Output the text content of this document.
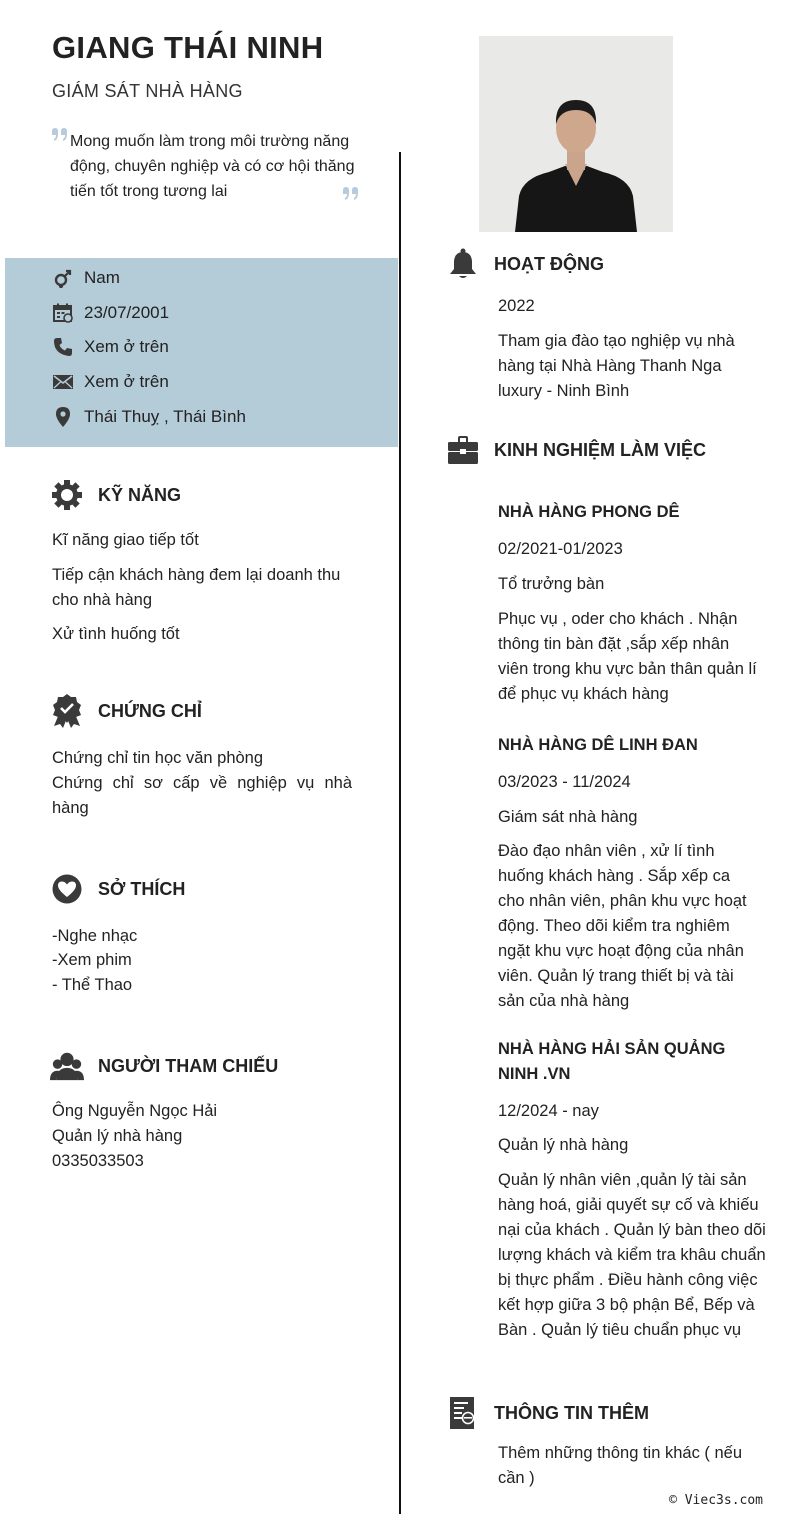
GIANG THÁI NINH
GIÁM SÁT NHÀ HÀNG
Mong muốn làm trong môi trường năng động, chuyên nghiệp và có cơ hội thăng tiến tốt trong tương lai
Nam
23/07/2001
Xem ở trên
Xem ở trên
Thái Thuỵ , Thái Bình
KỸ NĂNG
Kĩ năng giao tiếp tốt
Tiếp cận khách hàng đem lại doanh thu cho nhà hàng
Xử tình huống tốt
CHỨNG CHỈ
Chứng chỉ tin học văn phòng
Chứng chỉ sơ cấp về nghiệp vụ nhà hàng
SỞ THÍCH
-Nghe nhạc
-Xem phim
- Thể Thao
NGƯỜI THAM CHIẾU
Ông Nguyễn Ngọc Hải
Quản lý nhà hàng
0335033503
HOẠT ĐỘNG
2022
Tham gia đào tạo nghiệp vụ nhà hàng tại Nhà Hàng Thanh Nga luxury - Ninh Bình
KINH NGHIỆM LÀM VIỆC
NHÀ HÀNG PHONG DÊ
02/2021-01/2023
Tổ trưởng bàn
Phục vụ , oder cho khách . Nhận thông tin bàn đặt ,sắp xếp nhân viên trong khu vực bản thân quản lí để phục vụ khách hàng
NHÀ HÀNG DÊ LINH ĐAN
03/2023 - 11/2024
Giám sát nhà hàng
Đào đạo nhân viên , xử lí tình huống khách hàng . Sắp xếp ca cho nhân viên, phân khu vực hoạt động. Theo dõi kiểm tra nghiêm ngặt khu vực hoạt động của nhân viên. Quản lý trang thiết bị và tài sản của nhà hàng
NHÀ HÀNG HẢI SẢN QUẢNG NINH .VN
12/2024 - nay
Quản lý nhà hàng
Quản lý nhân viên ,quản lý tài sản hàng hoá, giải quyết sự cố và khiếu nại của khách . Quản lý bàn theo dõi lượng khách và kiểm tra khâu chuẩn bị thực phẩm . Điều hành công việc kết hợp giữa 3 bộ phận Bể, Bếp và Bàn . Quản lý tiêu chuẩn phục vụ
THÔNG TIN THÊM
Thêm những thông tin khác ( nếu cần )
© Viec3s.com
